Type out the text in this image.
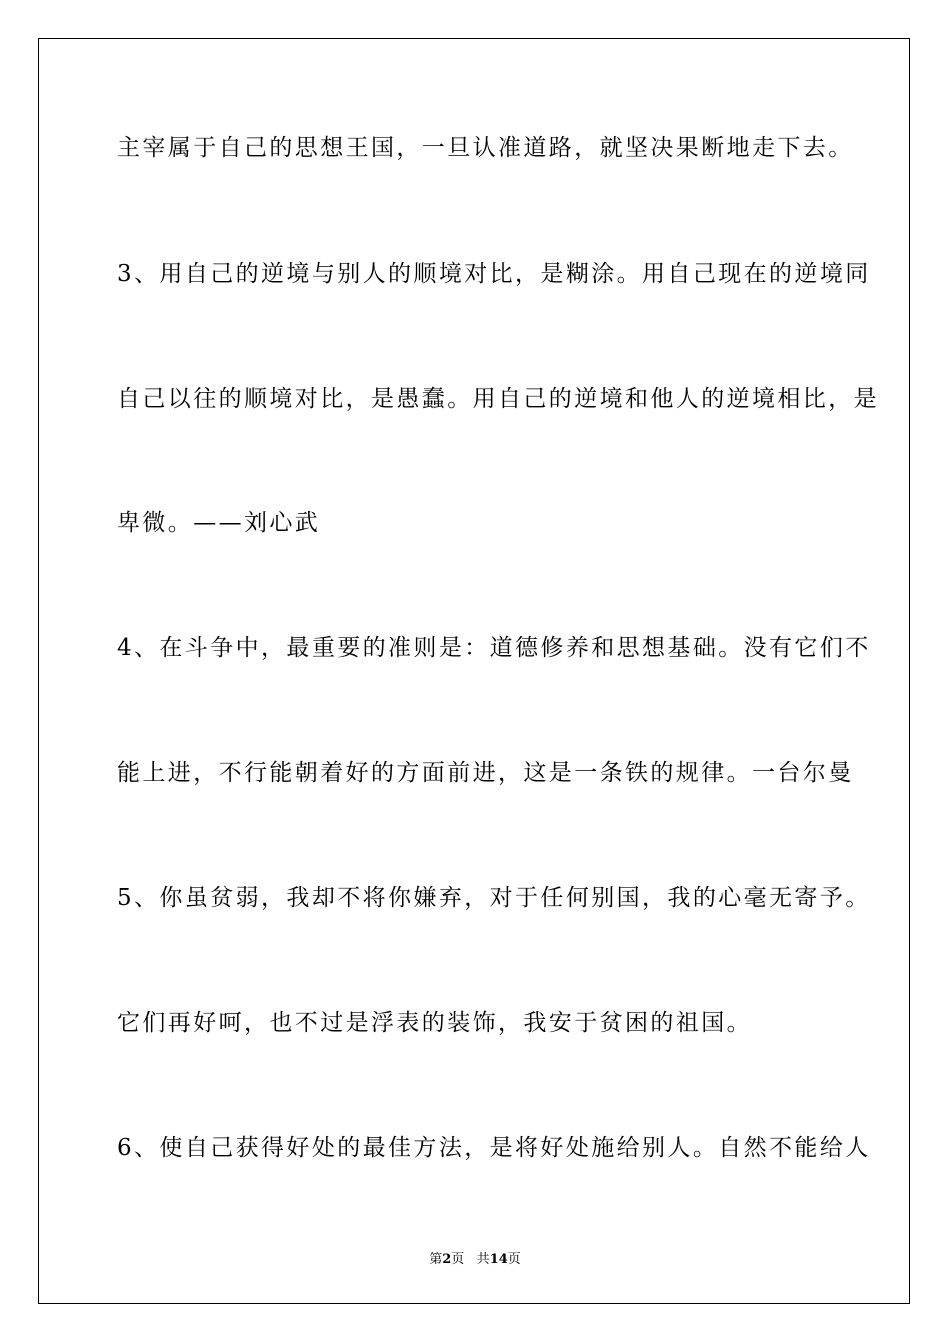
主宰属于自己的思想王国，一旦认准道路，就坚决果断地走下去。
3、用自己的逆境与别人的顺境对比，是糊涂。用自己现在的逆境同
自己以往的顺境对比，是愚蠢。用自己的逆境和他人的逆境相比，是
卑微。——刘心武
4、在斗争中，最重要的准则是：道德修养和思想基础。没有它们不
能上进，不行能朝着好的方面前进，这是一条铁的规律。一台尔曼
5、你虽贫弱，我却不将你嫌弃，对于任何别国，我的心毫无寄予。
它们再好呵，也不过是浮表的装饰，我安于贫困的祖国。
6、使自己获得好处的最佳方法，是将好处施给别人。自然不能给人
第2页 共14页
